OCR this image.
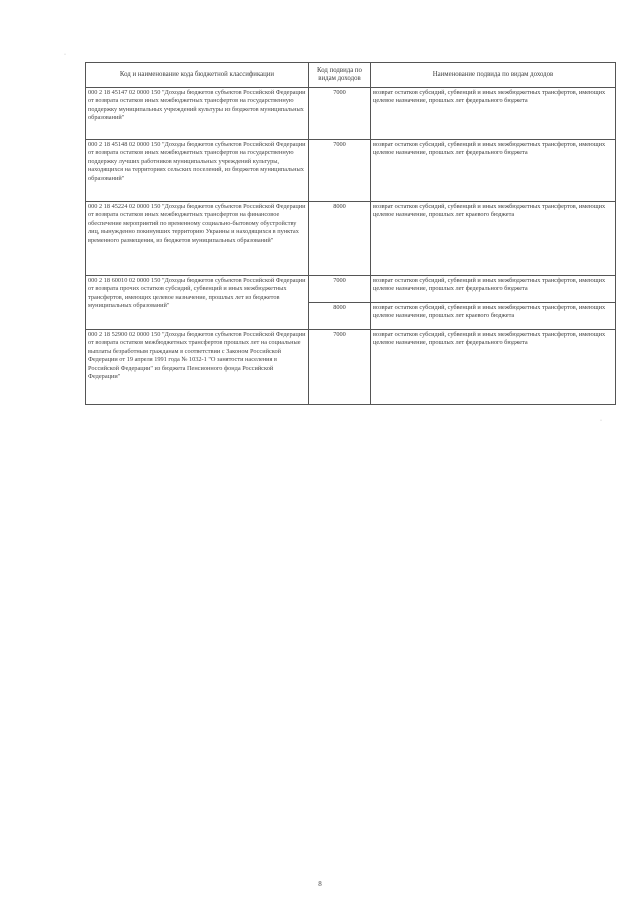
·
·
Код и наименование кода бюджетной классификации	Код подвида по видам доходов	Наименование подвида по видам доходов
000 2 18 45147 02 0000 150 "Доходы бюджетов субъектов Российской Федерации от возврата остатков иных межбюджетных трансфертов на государственную поддержку муниципальных учреждений культуры из бюджетов муниципальных образований"	7000	возврат остатков субсидий, субвенций и иных межбюджетных трансфертов, имеющих целевое назначение, прошлых лет федерального бюджета
000 2 18 45148 02 0000 150 "Доходы бюджетов субъектов Российской Федерации от возврата остатков иных межбюджетных трансфертов на государственную поддержку лучших работников муниципальных учреждений культуры, находящихся на территориях сельских поселений, из бюджетов муниципальных образований"	7000	возврат остатков субсидий, субвенций и иных межбюджетных трансфертов, имеющих целевое назначение, прошлых лет федерального бюджета
000 2 18 45224 02 0000 150 "Доходы бюджетов субъектов Российской Федерации от возврата остатков иных межбюджетных трансфертов на финансовое обеспечение мероприятий по временному социально-бытовому обустройству лиц, вынужденно покинувших территорию Украины и находящихся в пунктах временного размещения, из бюджетов муниципальных образований"	8000	возврат остатков субсидий, субвенций и иных межбюджетных трансфертов, имеющих целевое назначение, прошлых лет краевого бюджета
000 2 18 60010 02 0000 150 "Доходы бюджетов субъектов Российской Федерации от возврата прочих остатков субсидий, субвенций и иных межбюджетных трансфертов, имеющих целевое назначение, прошлых лет из бюджетов муниципальных образований"	7000	возврат остатков субсидий, субвенций и иных межбюджетных трансфертов, имеющих целевое назначение, прошлых лет федерального бюджета
	8000	возврат остатков субсидий, субвенций и иных межбюджетных трансфертов, имеющих целевое назначение, прошлых лет краевого бюджета
000 2 18 52900 02 0000 150 "Доходы бюджетов субъектов Российской Федерации от возврата остатков межбюджетных трансфертов прошлых лет на социальные выплаты безработным гражданам в соответствии с Законом Российской Федерации от 19 апреля 1991 года № 1032-1 "О занятости населения в Российской Федерации" из бюджета Пенсионного фонда Российской Федерации"	7000	возврат остатков субсидий, субвенций и иных межбюджетных трансфертов, имеющих целевое назначение, прошлых лет федерального бюджета
8
